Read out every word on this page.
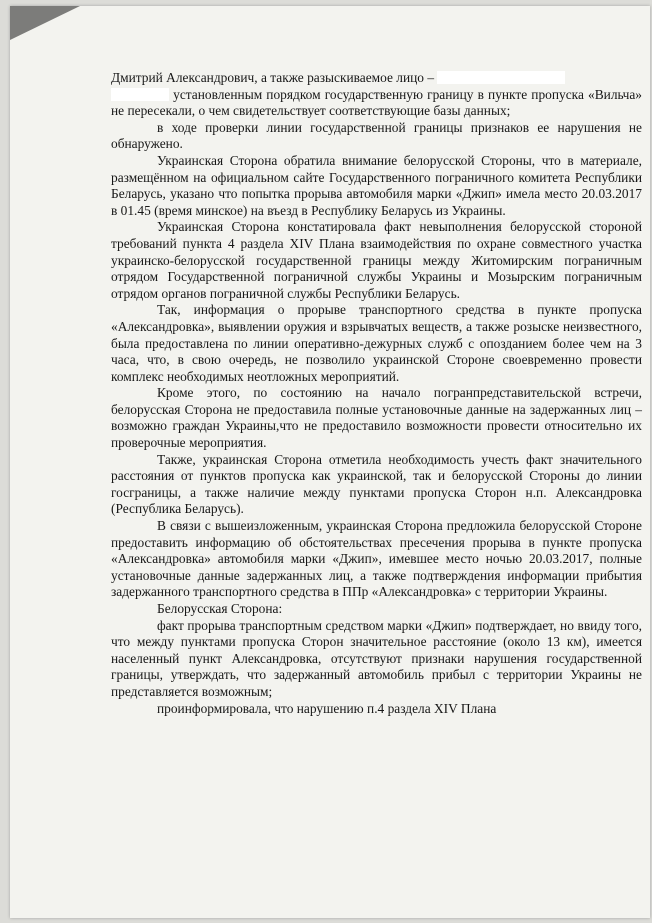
Дмитрий Александрович, а также разыскиваемое лицо –
установленным порядком государственную границу в пункте пропуска «Вильча» не пересекали, о чем свидетельствует соответствующие базы данных;

в ходе проверки линии государственной границы признаков ее нарушения не обнаружено.

Украинская Сторона обратила внимание белорусской Стороны, что в материале, размещённом на официальном сайте Государственного пограничного комитета Республики Беларусь, указано что попытка прорыва автомобиля марки «Джип» имела место 20.03.2017 в 01.45 (время минское) на въезд в Республику Беларусь из Украины.

Украинская Сторона констатировала факт невыполнения белорусской стороной требований пункта 4 раздела XIV Плана взаимодействия по охране совместного участка украинско-белорусской государственной границы между Житомирским пограничным отрядом Государственной пограничной службы Украины и Мозырским пограничным отрядом органов пограничной службы Республики Беларусь.

Так, информация о прорыве транспортного средства в пункте пропуска «Александровка», выявлении оружия и взрывчатых веществ, а также розыске неизвестного, была предоставлена по линии оперативно-дежурных служб с опозданием более чем на 3 часа, что, в свою очередь, не позволило украинской Стороне своевременно провести комплекс необходимых неотложных мероприятий.

Кроме этого, по состоянию на начало погранпредставительской встречи, белорусская Сторона не предоставила полные установочные данные на задержанных лиц – возможно граждан Украины,что не предоставило возможности провести относительно их проверочные мероприятия.

Также, украинская Сторона отметила необходимость учесть факт значительного расстояния от пунктов пропуска как украинской, так и белорусской Стороны до линии госграницы, а также наличие между пунктами пропуска Сторон н.п. Александровка (Республика Беларусь).

В связи с вышеизложенным, украинская Сторона предложила белорусской Стороне предоставить информацию об обстоятельствах пресечения прорыва в пункте пропуска «Александровка» автомобиля марки «Джип», имевшее место ночью 20.03.2017, полные установочные данные задержанных лиц, а также подтверждения информации прибытия задержанного транспортного средства в ППр «Александровка» с территории Украины.

Белорусская Сторона:

факт прорыва транспортным средством марки «Джип» подтверждает, но ввиду того, что между пунктами пропуска Сторон значительное расстояние (около 13 км), имеется населенный пункт Александровка, отсутствуют признаки нарушения государственной границы, утверждать, что задержанный автомобиль прибыл с территории Украины не представляется возможным;

проинформировала, что нарушению п.4 раздела XIV Плана
